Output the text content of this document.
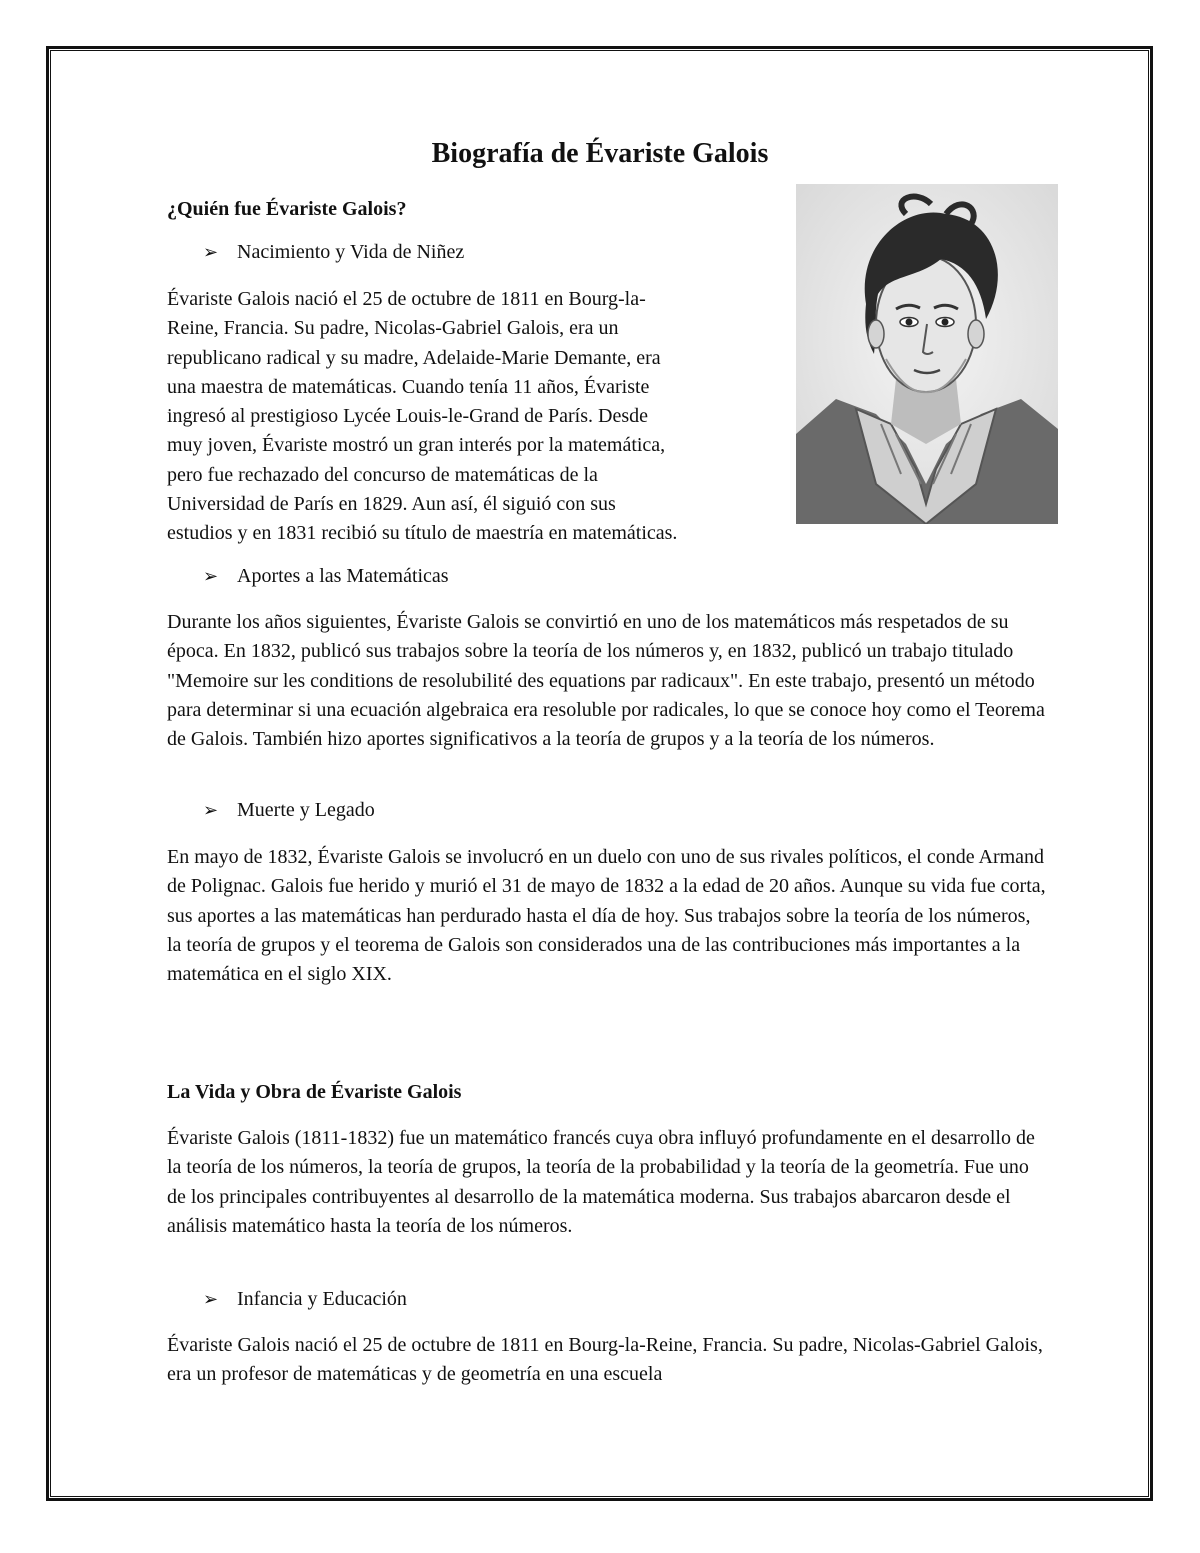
Biografía de Évariste Galois
¿Quién fue Évariste Galois?
➢ Nacimiento y Vida de Niñez
Évariste Galois nació el 25 de octubre de 1811 en Bourg-la-
Reine, Francia. Su padre, Nicolas-Gabriel Galois, era un
republicano radical y su madre, Adelaide-Marie Demante, era
una maestra de matemáticas. Cuando tenía 11 años, Évariste
ingresó al prestigioso Lycée Louis-le-Grand de París. Desde
muy joven, Évariste mostró un gran interés por la matemática,
pero fue rechazado del concurso de matemáticas de la
Universidad de París en 1829. Aun así, él siguió con sus
estudios y en 1831 recibió su título de maestría en matemáticas.
➢ Aportes a las Matemáticas

Durante los años siguientes, Évariste Galois se convirtió en uno de los matemáticos más respetados de su época. En 1832, publicó sus trabajos sobre la teoría de los números y, en 1832, publicó un trabajo titulado "Memoire sur les conditions de resolubilité des equations par radicaux". En este trabajo, presentó un método para determinar si una ecuación algebraica era resoluble por radicales, lo que se conoce hoy como el Teorema de Galois. También hizo aportes significativos a la teoría de grupos y a la teoría de los números.

➢ Muerte y Legado

En mayo de 1832, Évariste Galois se involucró en un duelo con uno de sus rivales políticos, el conde Armand de Polignac. Galois fue herido y murió el 31 de mayo de 1832 a la edad de 20 años. Aunque su vida fue corta, sus aportes a las matemáticas han perdurado hasta el día de hoy. Sus trabajos sobre la teoría de los números, la teoría de grupos y el teorema de Galois son considerados una de las contribuciones más importantes a la matemática en el siglo XIX.

La Vida y Obra de Évariste Galois

Évariste Galois (1811-1832) fue un matemático francés cuya obra influyó profundamente en el desarrollo de la teoría de los números, la teoría de grupos, la teoría de la probabilidad y la teoría de la geometría. Fue uno de los principales contribuyentes al desarrollo de la matemática moderna. Sus trabajos abarcaron desde el análisis matemático hasta la teoría de los números.

➢ Infancia y Educación

Évariste Galois nació el 25 de octubre de 1811 en Bourg-la-Reine, Francia. Su padre, Nicolas-Gabriel Galois, era un profesor de matemáticas y de geometría en una escuela
